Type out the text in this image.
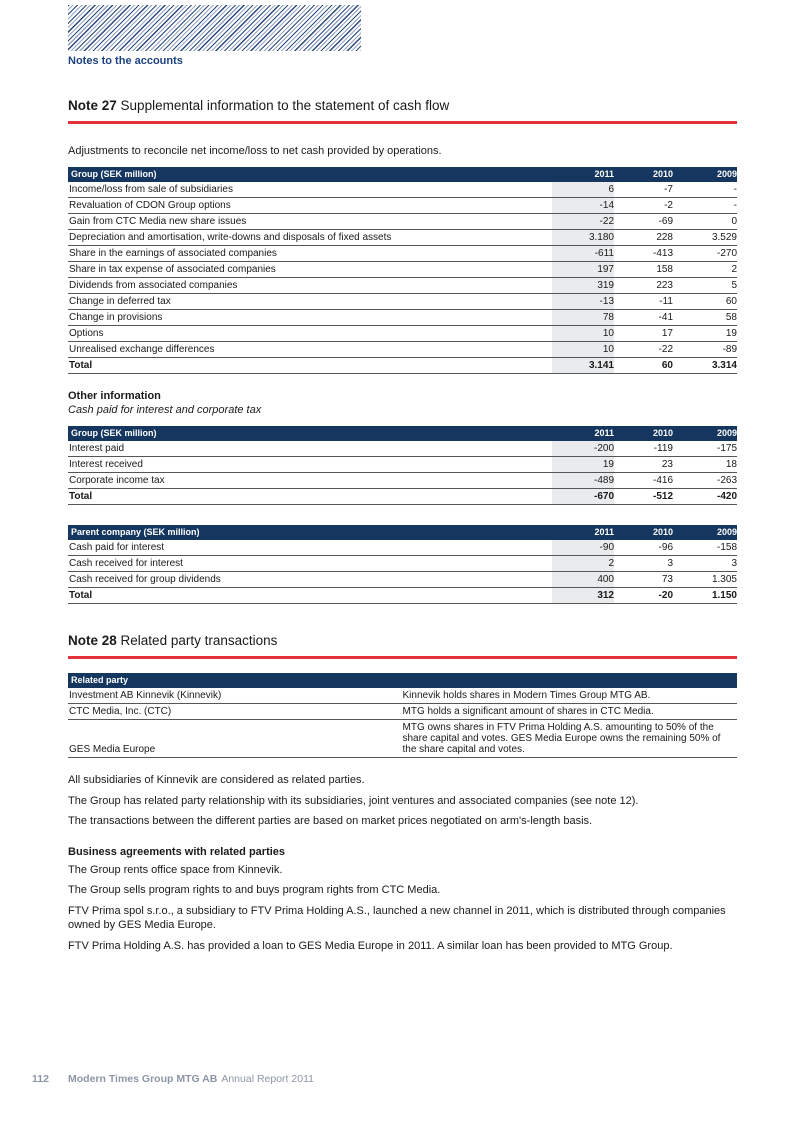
Notes to the accounts
Note 27 Supplemental information to the statement of cash flow

Adjustments to reconcile net income/loss to net cash provided by operations.

Group (SEK million)	2011	2010	2009
Income/loss from sale of subsidiaries	6	-7	-
Revaluation of CDON Group options	-14	-2	-
Gain from CTC Media new share issues	-22	-69	0
Depreciation and amortisation, write-downs and disposals of fixed assets	3.180	228	3.529
Share in the earnings of associated companies	-611	-413	-270
Share in tax expense of associated companies	197	158	2
Dividends from associated companies	319	223	5
Change in deferred tax	-13	-11	60
Change in provisions	78	-41	58
Options	10	17	19
Unrealised exchange differences	10	-22	-89
Total	3.141	60	3.314
Other information
Cash paid for interest and corporate tax
Group (SEK million)	2011	2010	2009
Interest paid	-200	-119	-175
Interest received	19	23	18
Corporate income tax	-489	-416	-263
Total	-670	-512	-420
Parent company (SEK million)	2011	2010	2009
Cash paid for interest	-90	-96	-158
Cash received for interest	2	3	3
Cash received for group dividends	400	73	1.305
Total	312	-20	1.150
Note 28 Related party transactions
Related party	
Investment AB Kinnevik (Kinnevik)	Kinnevik holds shares in Modern Times Group MTG AB.
CTC Media, Inc. (CTC)	MTG holds a significant amount of shares in CTC Media.
GES Media Europe	MTG owns shares in FTV Prima Holding A.S. amounting to 50% of the share capital and votes. GES Media Europe owns the remaining 50% of the share capital and votes.

All subsidiaries of Kinnevik are considered as related parties.

The Group has related party relationship with its subsidiaries, joint ventures and associated companies (see note 12).

The transactions between the different parties are based on market prices negotiated on arm's-length basis.

Business agreements with related parties

The Group rents office space from Kinnevik.

The Group sells program rights to and buys program rights from CTC Media.

FTV Prima spol s.r.o., a subsidiary to FTV Prima Holding A.S., launched a new channel in 2011, which is distributed through companies owned by GES Media Europe.

FTV Prima Holding A.S. has provided a loan to GES Media Europe in 2011. A similar loan has been provided to MTG Group.

112 Modern Times Group MTG AB Annual Report 2011
